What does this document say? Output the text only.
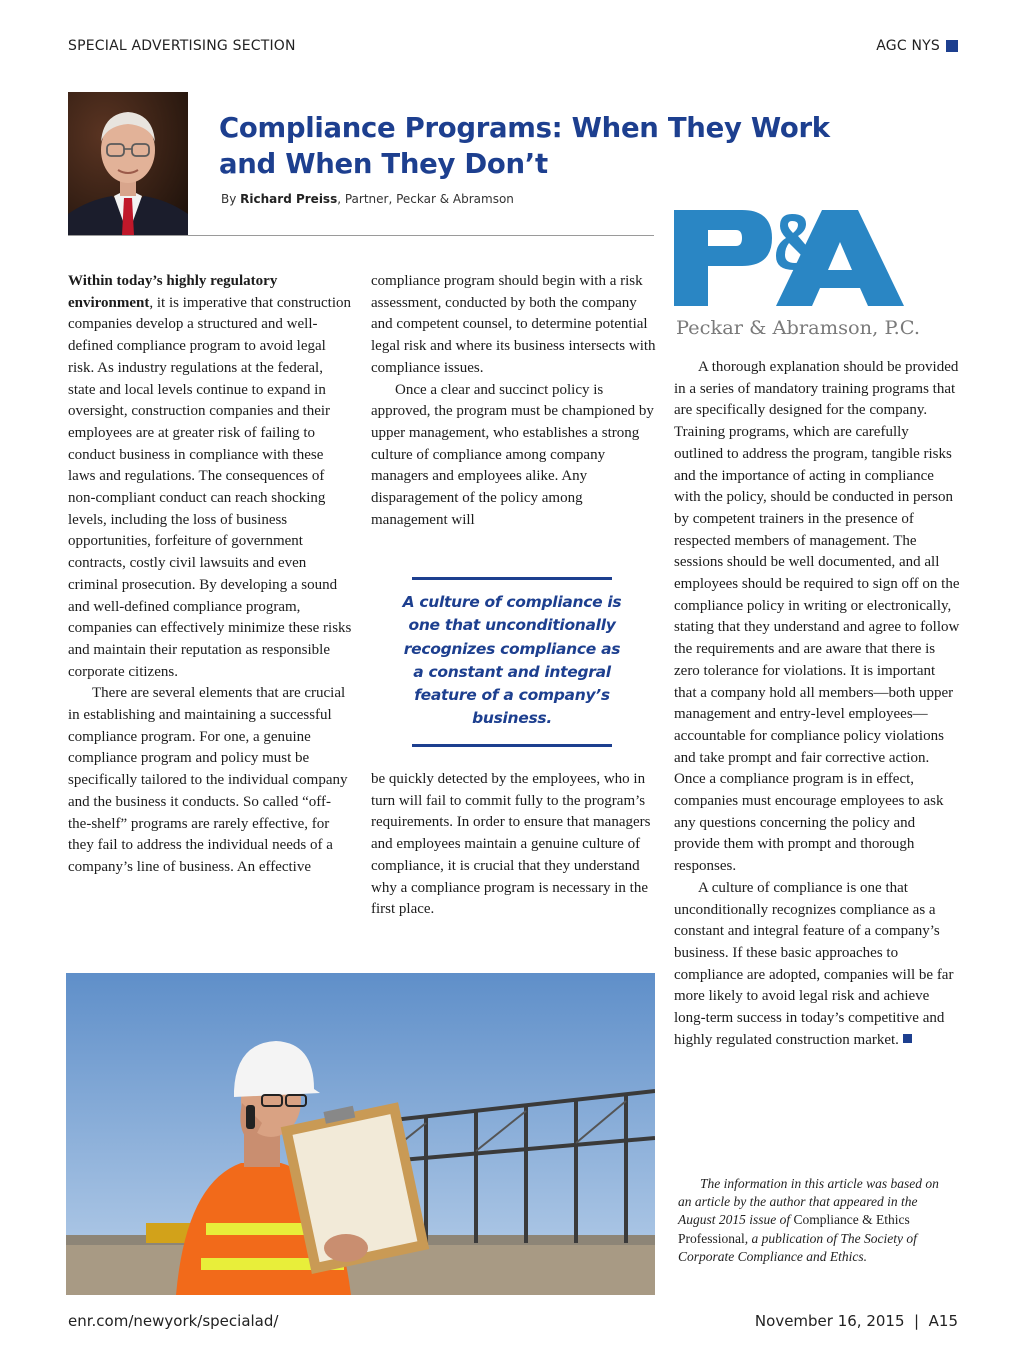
SPECIAL ADVERTISING SECTION	AGC NYS
Compliance Programs: When They Work
and When They Don’t
By Richard Preiss, Partner, Peckar & Abramson
Peckar & Abramson, P.C.

Within today’s highly regulatory environment, it is imperative that construction companies develop a structured and well-defined compliance program to avoid legal risk. As industry regulations at the federal, state and local levels continue to expand in oversight, construction companies and their employees are at greater risk of failing to conduct business in compliance with these laws and regulations. The consequences of non-compliant conduct can reach shocking levels, including the loss of business opportunities, forfeiture of government contracts, costly civil lawsuits and even criminal prosecution. By developing a sound and well-defined compliance program, companies can effectively minimize these risks and maintain their reputation as responsible corporate citizens.

There are several elements that are crucial in establishing and maintaining a successful compliance program. For one, a genuine compliance program and policy must be specifically tailored to the individual company and the business it conducts. So called “off-the-shelf” programs are rarely effective, for they fail to address the individual needs of a company’s line of business. An effective

compliance program should begin with a risk assessment, conducted by both the company and competent counsel, to determine potential legal risk and where its business intersects with compliance issues.

Once a clear and succinct policy is approved, the program must be championed by upper management, who establishes a strong culture of compliance among company managers and employees alike. Any disparagement of the policy among management will

A culture of compliance is one that unconditionally recognizes compliance as a constant and integral feature of a company’s business.

be quickly detected by the employees, who in turn will fail to commit fully to the program’s requirements. In order to ensure that managers and employees maintain a genuine culture of compliance, it is crucial that they understand why a compliance program is necessary in the first place.

A thorough explanation should be provided in a series of mandatory training programs that are specifically designed for the company. Training programs, which are carefully outlined to address the program, tangible risks and the importance of acting in compliance with the policy, should be conducted in person by competent trainers in the presence of respected members of management. The sessions should be well documented, and all employees should be required to sign off on the compliance policy in writing or electronically, stating that they understand and agree to follow the requirements and are aware that there is zero tolerance for violations. It is important that a company hold all members—both upper management and entry-level employees—accountable for compliance policy violations and take prompt and fair corrective action. Once a compliance program is in effect, companies must encourage employees to ask any questions concerning the policy and provide them with prompt and thorough responses.

A culture of compliance is one that unconditionally recognizes compliance as a constant and integral feature of a company’s business. If these basic approaches to compliance are adopted, companies will be far more likely to avoid legal risk and achieve long-term success in today’s competitive and highly regulated construction market.

The information in this article was based on an article by the author that appeared in the August 2015 issue of Compliance & Ethics Professional, a publication of The Society of Corporate Compliance and Ethics.

enr.com/newyork/specialad/	November 16, 2015  |  A15
